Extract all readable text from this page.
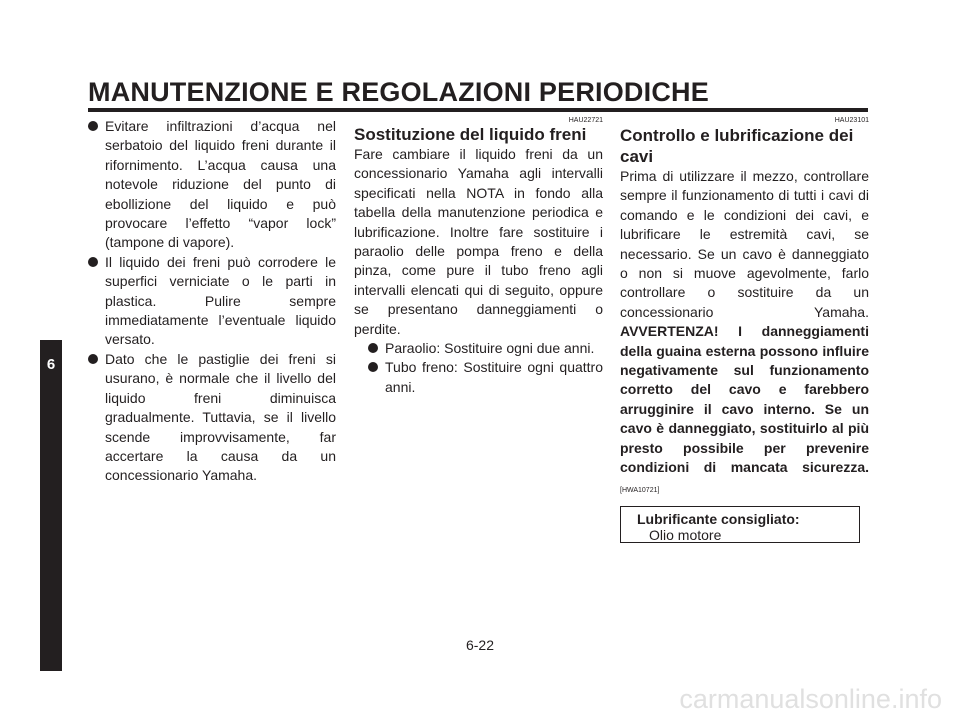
MANUTENZIONE E REGOLAZIONI PERIODICHE
6
Evitare infiltrazioni d’acqua nel serbatoio del liquido freni durante il rifornimento. L’acqua causa una notevole riduzione del punto di ebollizione del liquido e può provocare l’effetto “vapor lock” (tampone di vapore).
Il liquido dei freni può corrodere le superfici verniciate o le parti in plastica. Pulire sempre immediatamente l’eventuale liquido versato.
Dato che le pastiglie dei freni si usurano, è normale che il livello del liquido freni diminuisca gradualmente. Tuttavia, se il livello scende improvvisamente, far accertare la causa da un concessionario Yamaha.
HAU22721
Sostituzione del liquido freni

Fare cambiare il liquido freni da un concessionario Yamaha agli intervalli specificati nella NOTA in fondo alla tabella della manutenzione periodica e lubrificazione. Inoltre fare sostituire i paraolio delle pompa freno e della pinza, come pure il tubo freno agli intervalli elencati qui di seguito, oppure se presentano danneggiamenti o perdite.

Paraolio: Sostituire ogni due anni.
Tubo freno: Sostituire ogni quattro anni.
HAU23101
Controllo e lubrificazione dei cavi

Prima di utilizzare il mezzo, controllare sempre il funzionamento di tutti i cavi di comando e le condizioni dei cavi, e lubrificare le estremità cavi, se necessario. Se un cavo è danneggiato o non si muove agevolmente, farlo controllare o sostituire da un concessionario Yamaha. AVVERTENZA! I danneggiamenti della guaina esterna possono influire negativamente sul funzionamento corretto del cavo e farebbero arrugginire il cavo interno. Se un cavo è danneggiato, sostituirlo al più presto possibile per prevenire condizioni di mancata sicurezza. [HWA10721]

Lubrificante consigliato:
Olio motore
6-22
carmanualsonline.info
